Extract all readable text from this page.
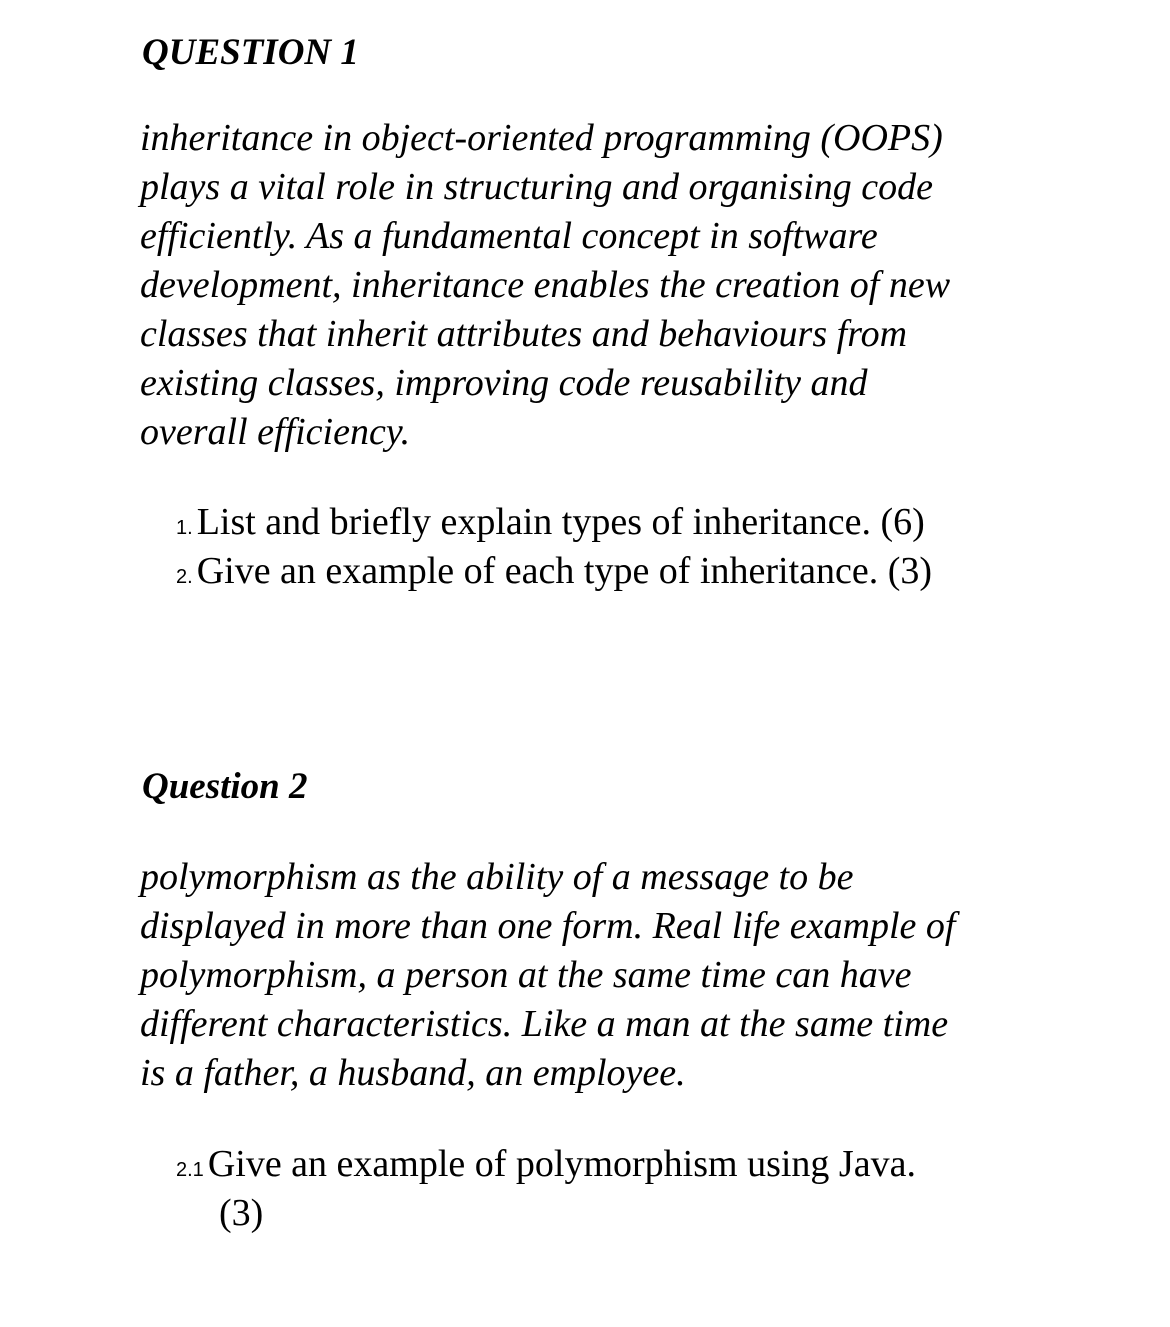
QUESTION 1

inheritance in object-oriented programming (OOPS)

plays a vital role in structuring and organising code

efficiently. As a fundamental concept in software

development, inheritance enables the creation of new

classes that inherit attributes and behaviours from

existing classes, improving code reusability and

overall efficiency.

1. List and briefly explain types of inheritance. (6)

2. Give an example of each type of inheritance. (3)

Question 2

polymorphism as the ability of a message to be

displayed in more than one form. Real life example of

polymorphism, a person at the same time can have

different characteristics. Like a man at the same time

is a father, a husband, an employee.

2.1 Give an example of polymorphism using Java.

(3)
